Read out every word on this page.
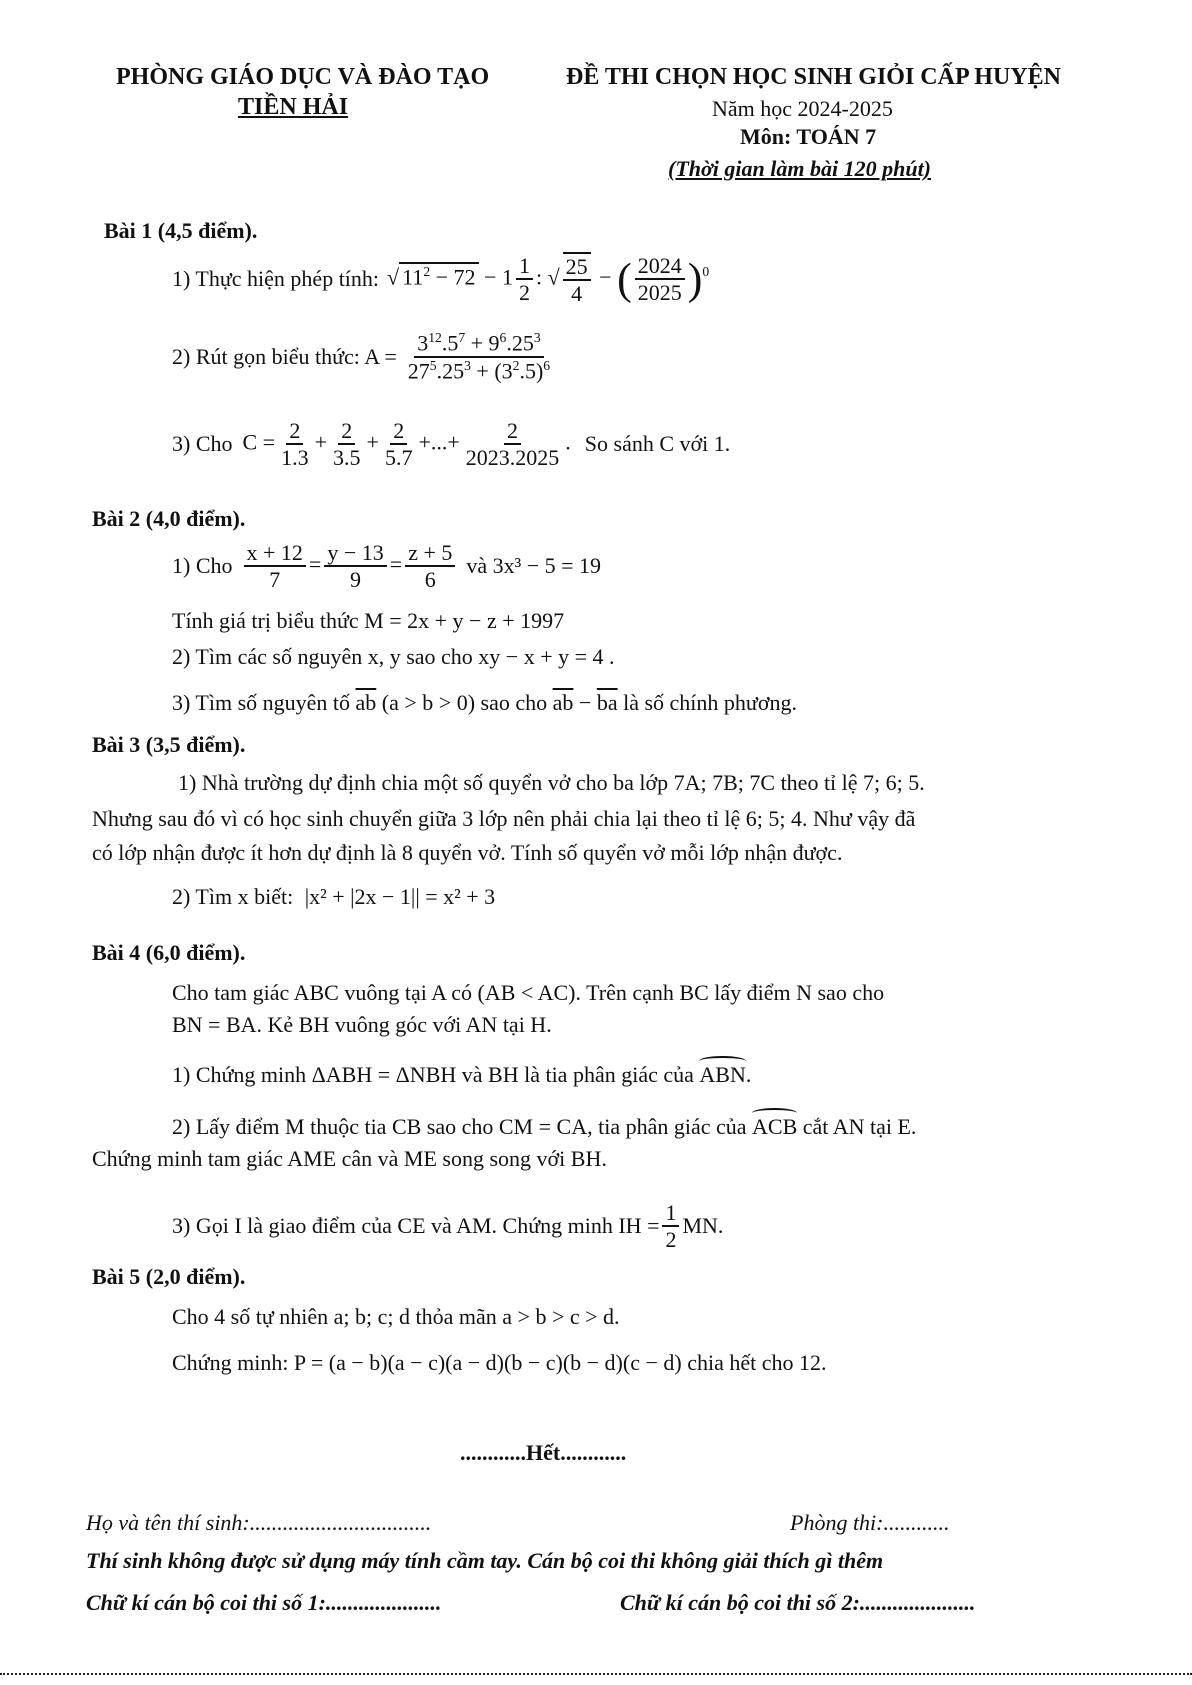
PHÒNG GIÁO DỤC VÀ ĐÀO TẠO
TIỀN HẢI
ĐỀ THI CHỌN HỌC SINH GIỎI CẤP HUYỆN
Năm học 2024-2025
Môn: TOÁN 7
(Thời gian làm bài 120 phút)
Bài 1 (4,5 điểm).
1) Thực hiện phép tính: √ $11^2 - 72 - 1 \frac{1}{2}$ : √ $\frac{25}{4}$ − ( $\frac{2024}{2025} )^0$
2) Rút gọn biểu thức: $A = \frac{3^{12}.5^7 + 9^6.25^3}{27^5.25^3 + (3^2.5)^6}$
3) Cho $C = \frac{2}{1.3} + \frac{2}{3.5} + \frac{2}{5.7}$ +...+ $\frac{2}{2023.2025}$ . So sánh C với 1.
Bài 2 (4,0 điểm).
1) Cho $\frac{x + 12}{7} = \frac{y - 13}{9} = \frac{z + 5}{6}$ và 3x³ − 5 = 19
Tính giá trị biểu thức M = 2x + y − z + 1997
2) Tìm các số nguyên x, y sao cho xy − x + y = 4 .
3) Tìm số nguyên tố $\overline{ab}$ (a > b > 0) sao cho $\overline{ab} - \overline{ba}$ là số chính phương.
Bài 3 (3,5 điểm).
1) Nhà trường dự định chia một số quyển vở cho ba lớp 7A; 7B; 7C theo tỉ lệ 7; 6; 5.
Nhưng sau đó vì có học sinh chuyển giữa 3 lớp nên phải chia lại theo tỉ lệ 6; 5; 4. Như vậy đã
có lớp nhận được ít hơn dự định là 8 quyển vở. Tính số quyển vở mỗi lớp nhận được.
2) Tìm x biết: |x² + |2x − 1|| = x² + 3
Bài 4 (6,0 điểm).
Cho tam giác ABC vuông tại A có (AB < AC). Trên cạnh BC lấy điểm N sao cho
BN = BA. Kẻ BH vuông góc với AN tại H.
1) Chứng minh ΔABH = ΔNBH và BH là tia phân giác của ABN.
2) Lấy điểm M thuộc tia CB sao cho CM = CA, tia phân giác của ACB cắt AN tại E.
Chứng minh tam giác AME cân và ME song song với BH.
3) Gọi I là giao điểm của CE và AM. Chứng minh IH = $\frac{1}{2}$ MN.
Bài 5 (2,0 điểm).
Cho 4 số tự nhiên a; b; c; d thỏa mãn a > b > c > d.
Chứng minh: P = (a − b)(a − c)(a − d)(b − c)(b − d)(c − d) chia hết cho 12.
............Hết............
Họ và tên thí sinh:.................................	Phòng thi:............
Thí sinh không được sử dụng máy tính cầm tay. Cán bộ coi thi không giải thích gì thêm
Chữ kí cán bộ coi thi số 1:.....................	Chữ kí cán bộ coi thi số 2:.....................
